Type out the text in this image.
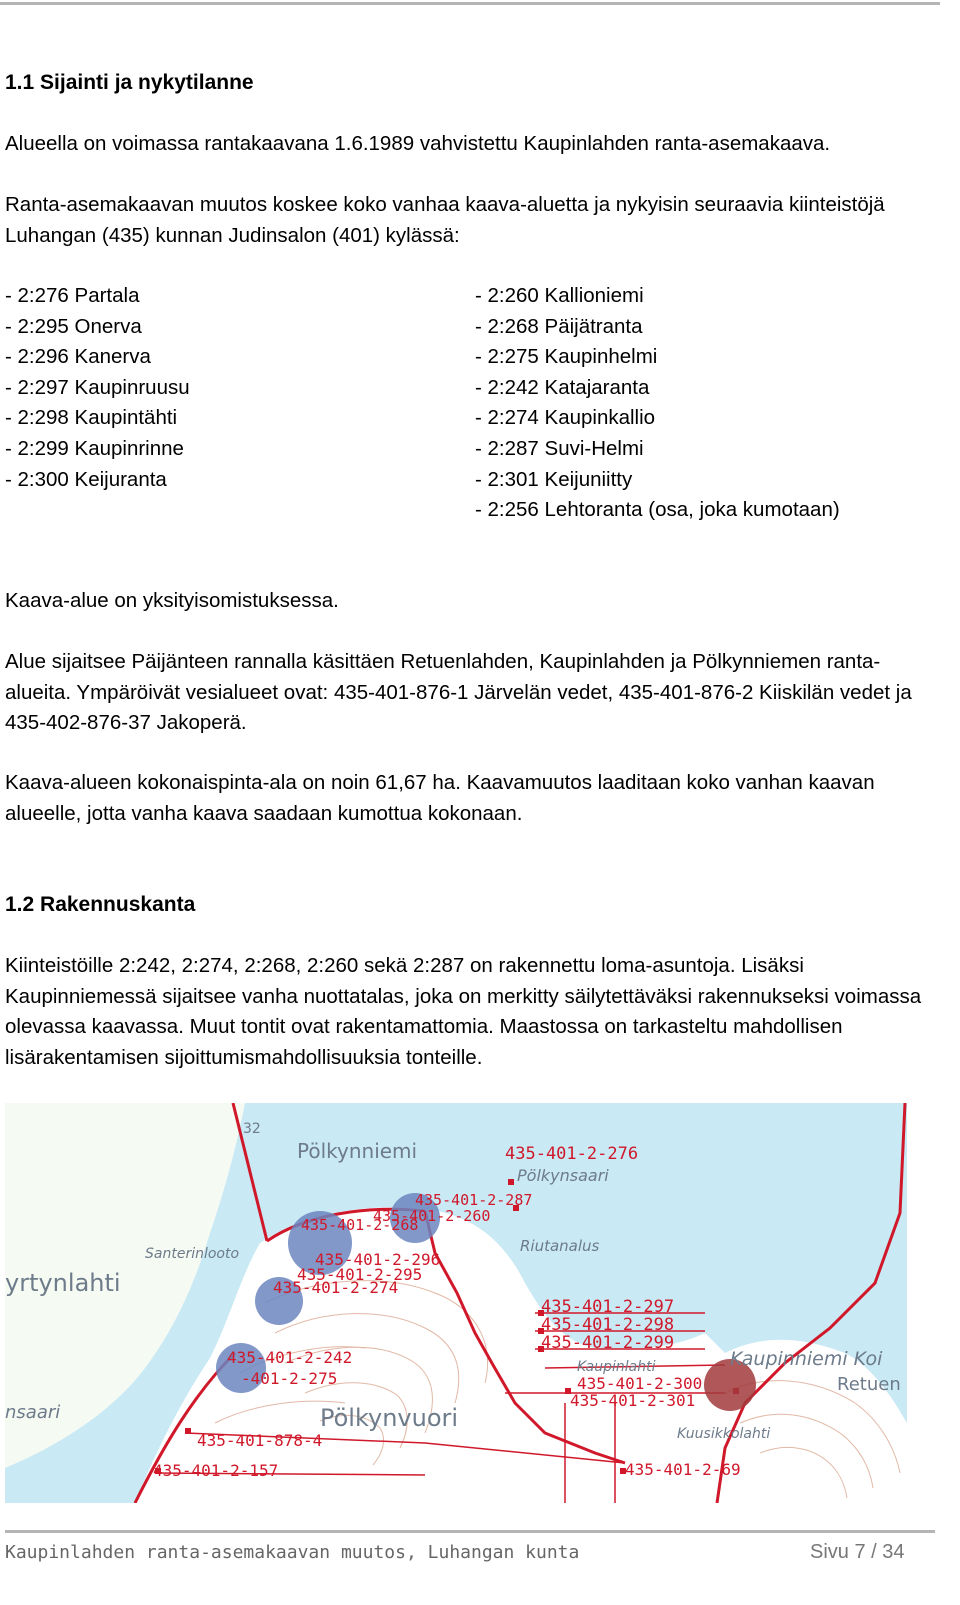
1.1 Sijainti ja nykytilanne

Alueella on voimassa rantakaavana 1.6.1989 vahvistettu Kaupinlahden ranta-asemakaava.

Ranta-asemakaavan muutos koskee koko vanhaa kaava-aluetta ja nykyisin seuraavia kiinteistöjä Luhangan (435) kunnan Judinsalon (401) kylässä:

- 2:276 Partala
- 2:295 Onerva
- 2:296 Kanerva
- 2:297 Kaupinruusu
- 2:298 Kaupintähti
- 2:299 Kaupinrinne
- 2:300 Keijuranta
- 2:260 Kallioniemi
- 2:268 Päijätranta
- 2:275 Kaupinhelmi
- 2:242 Katajaranta
- 2:274 Kaupinkallio
- 2:287 Suvi-Helmi
- 2:301 Keijuniitty
- 2:256 Lehtoranta (osa, joka kumotaan)

Kaava-alue on yksityisomistuksessa.

Alue sijaitsee Päijänteen rannalla käsittäen Retuenlahden, Kaupinlahden ja Pölkynniemen ranta-alueita. Ympäröivät vesialueet ovat: 435-401-876-1 Järvelän vedet, 435-401-876-2 Kiiskilän vedet ja 435-402-876-37 Jakoperä.

Kaava-alueen kokonaispinta-ala on noin 61,67 ha. Kaavamuutos laaditaan koko vanhan kaavan alueelle, jotta vanha kaava saadaan kumottua kokonaan.

1.2 Rakennuskanta

Kiinteistöille 2:242, 2:274, 2:268, 2:260 sekä 2:287 on rakennettu loma-asuntoja. Lisäksi Kaupinniemessä sijaitsee vanha nuottatalas, joka on merkitty säilytettäväksi rakennukseksi voimassa olevassa kaavassa. Muut tontit ovat rakentamattomia. Maastossa on tarkasteltu mahdollisen lisärakentamisen sijoittumismahdollisuuksia tonteille.

Pölkynniemi
Pölkynsaari
Santerinlooto
yrtynlahti
Riutanalus
Kaupinniemi Koi
Kaupinlahti
Retuen
Pölkynvuori
Kuusikkolahti
nsaari
32
435-401-2-276
435-401-2-287
435-401-2-260
435-401-2-268
435-401-2-296
435-401-2-295
435-401-2-274
435-401-2-297
435-401-2-298
435-401-2-299
435-401-2-242
-401-2-275	435-401-2-300
435-401-2-301
435-401-878-4
435-401-2-157	435-401-2-69
Kaupinlahden ranta-asemakaavan muutos, Luhangan kunta	Sivu 7 / 34
